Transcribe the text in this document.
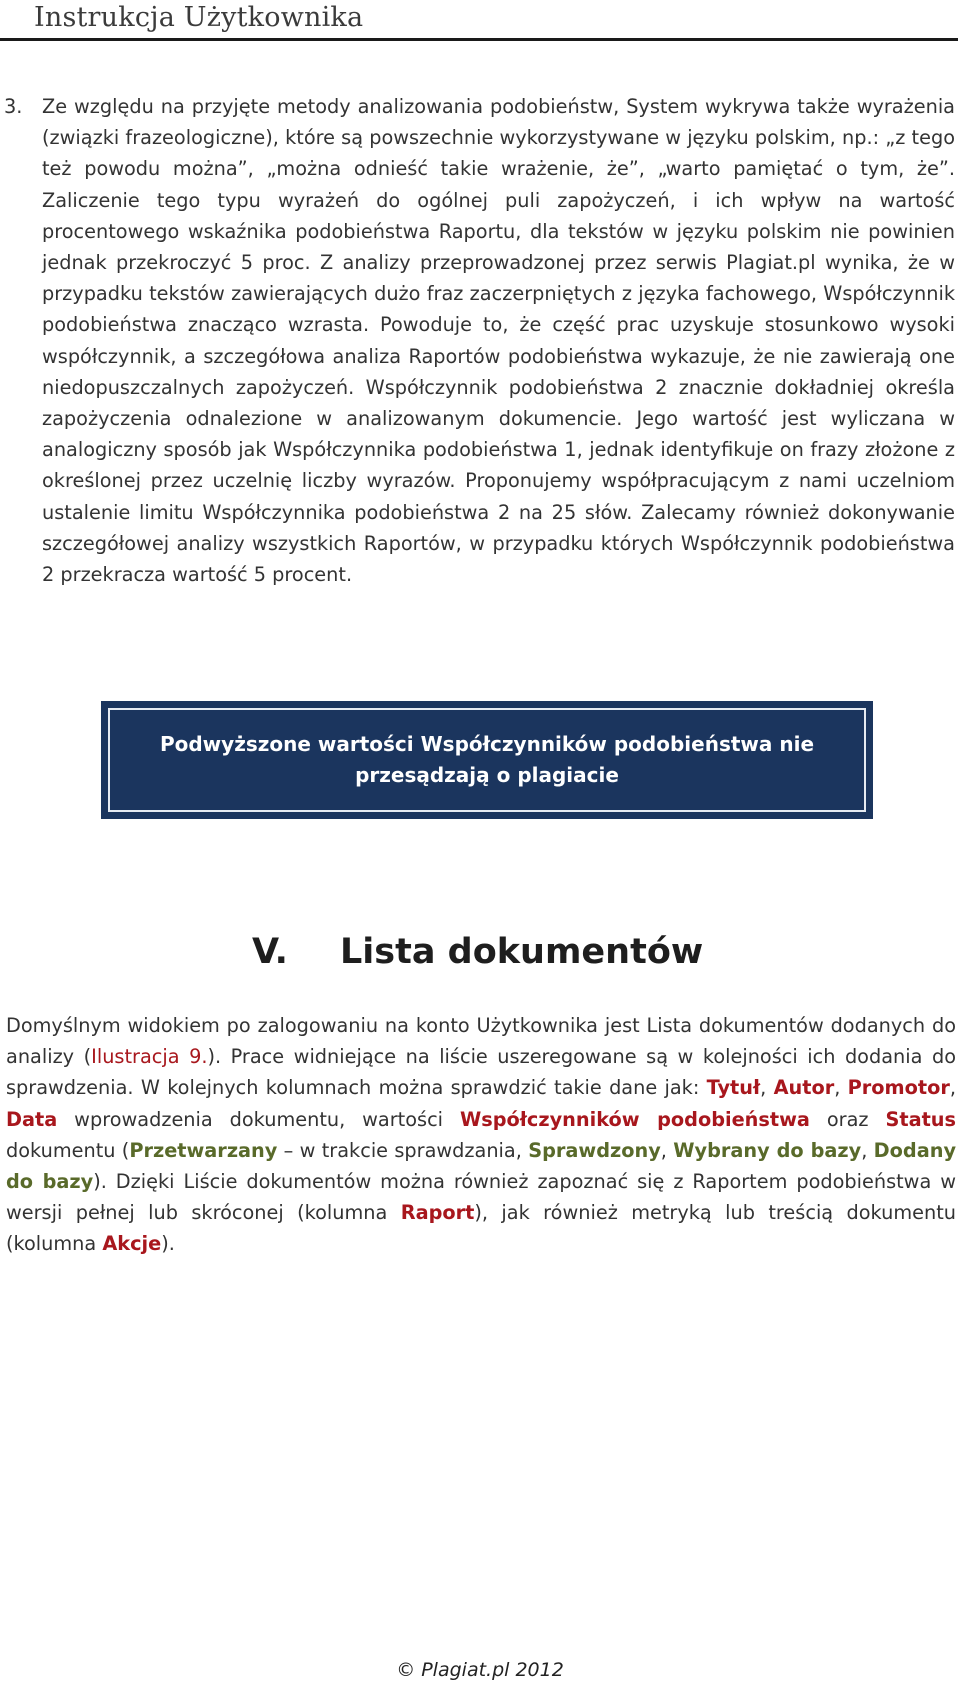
Instrukcja Użytkownika
3. Ze względu na przyjęte metody analizowania podobieństw, System wykrywa także wyrażenia (związki frazeologiczne), które są powszechnie wykorzystywane w języku polskim, np.: „z tego też powodu można”, „można odnieść takie wrażenie, że”, „warto pamiętać o tym, że”. Zaliczenie tego typu wyrażeń do ogólnej puli zapożyczeń, i ich wpływ na wartość procentowego wskaźnika podobieństwa Raportu, dla tekstów w języku polskim nie powinien jednak przekroczyć 5 proc. Z analizy przeprowadzonej przez serwis Plagiat.pl wynika, że w przypadku tekstów zawierających dużo fraz zaczerpniętych z języka fachowego, Współczynnik podobieństwa znacząco wzrasta. Powoduje to, że część prac uzyskuje stosunkowo wysoki współczynnik, a szczegółowa analiza Raportów podobieństwa wykazuje, że nie zawierają one niedopuszczalnych zapożyczeń. Współczynnik podobieństwa 2 znacznie dokładniej określa zapożyczenia odnalezione w analizowanym dokumencie. Jego wartość jest wyliczana w analogiczny sposób jak Współczynnika podobieństwa 1, jednak identyfikuje on frazy złożone z określonej przez uczelnię liczby wyrazów. Proponujemy współpracującym z nami uczelniom ustalenie limitu Współczynnika podobieństwa 2 na 25 słów. Zalecamy również dokonywanie szczegółowej analizy wszystkich Raportów, w przypadku których Współczynnik podobieństwa 2 przekracza wartość 5 procent.
Podwyższone wartości Współczynników podobieństwa nie przesądzają o plagiacie
V. Lista dokumentów
Domyślnym widokiem po zalogowaniu na konto Użytkownika jest Lista dokumentów dodanych do analizy (Ilustracja 9.). Prace widniejące na liście uszeregowane są w kolejności ich dodania do sprawdzenia. W kolejnych kolumnach można sprawdzić takie dane jak: Tytuł, Autor, Promotor, Data wprowadzenia dokumentu, wartości Współczynników podobieństwa oraz Status dokumentu (Przetwarzany – w trakcie sprawdzania, Sprawdzony, Wybrany do bazy, Dodany do bazy). Dzięki Liście dokumentów można również zapoznać się z Raportem podobieństwa w wersji pełnej lub skróconej (kolumna Raport), jak również metryką lub treścią dokumentu (kolumna Akcje).
© Plagiat.pl 2012
